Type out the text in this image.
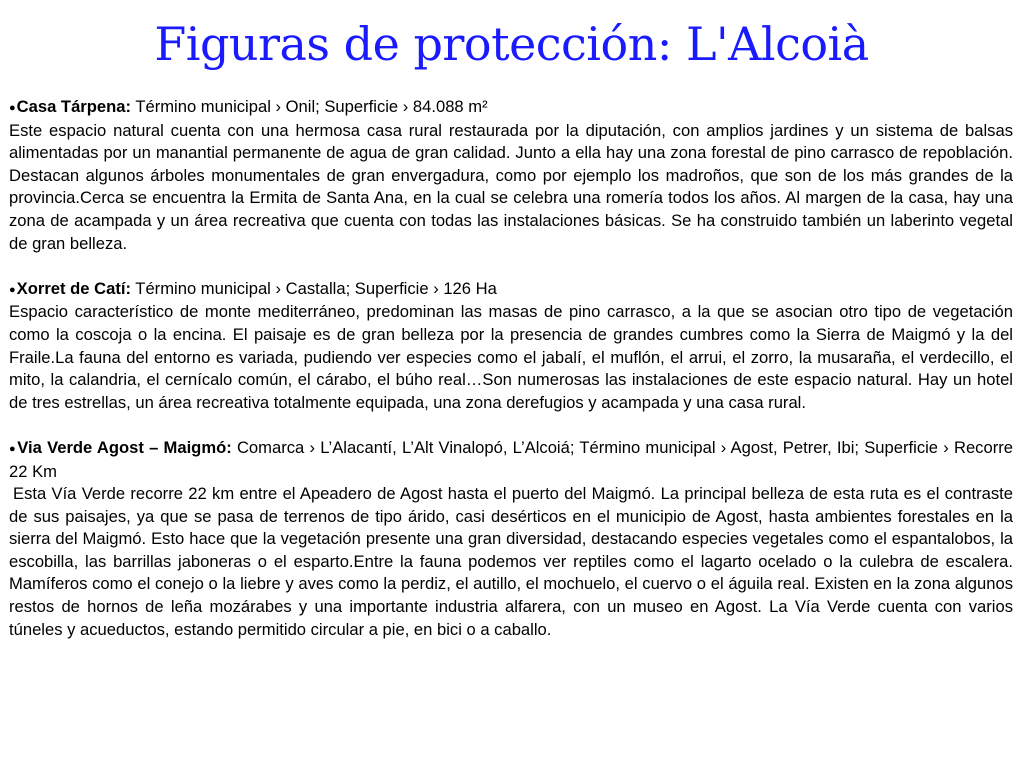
Figuras de protección: L'Alcoià

●Casa Tárpena: Término municipal › Onil; Superficie › 84.088 m²

Este espacio natural cuenta con una hermosa casa rural restaurada por la diputación, con amplios jardines y un sistema de balsas alimentadas por un manantial permanente de agua de gran calidad. Junto a ella hay una zona forestal de pino carrasco de repoblación. Destacan algunos árboles monumentales de gran envergadura, como por ejemplo los madroños, que son de los más grandes de la provincia.Cerca se encuentra la Ermita de Santa Ana, en la cual se celebra una romería todos los años. Al margen de la casa, hay una zona de acampada y un área recreativa que cuenta con todas las instalaciones básicas. Se ha construido también un laberinto vegetal de gran belleza.

●Xorret de Catí: Término municipal › Castalla; Superficie › 126 Ha

Espacio característico de monte mediterráneo, predominan las masas de pino carrasco, a la que se asocian otro tipo de vegetación como la coscoja o la encina. El paisaje es de gran belleza por la presencia de grandes cumbres como la Sierra de Maigmó y la del Fraile.La fauna del entorno es variada, pudiendo ver especies como el jabalí, el muflón, el arrui, el zorro, la musaraña, el verdecillo, el mito, la calandria, el cernícalo común, el cárabo, el búho real…Son numerosas las instalaciones de este espacio natural. Hay un hotel de tres estrellas, un área recreativa totalmente equipada, una zona derefugios y acampada y una casa rural.

●Via Verde Agost – Maigmó: Comarca › L’Alacantí, L’Alt Vinalopó, L’Alcoiá; Término municipal › Agost, Petrer, Ibi; Superficie › Recorre 22 Km

Esta Vía Verde recorre 22 km entre el Apeadero de Agost hasta el puerto del Maigmó. La principal belleza de esta ruta es el contraste de sus paisajes, ya que se pasa de terrenos de tipo árido, casi desérticos en el municipio de Agost, hasta ambientes forestales en la sierra del Maigmó. Esto hace que la vegetación presente una gran diversidad, destacando especies vegetales como el espantalobos, la escobilla, las barrillas jaboneras o el esparto.Entre la fauna podemos ver reptiles como el lagarto ocelado o la culebra de escalera. Mamíferos como el conejo o la liebre y aves como la perdiz, el autillo, el mochuelo, el cuervo o el águila real. Existen en la zona algunos restos de hornos de leña mozárabes y una importante industria alfarera, con un museo en Agost. La Vía Verde cuenta con varios túneles y acueductos, estando permitido circular a pie, en bici o a caballo.
